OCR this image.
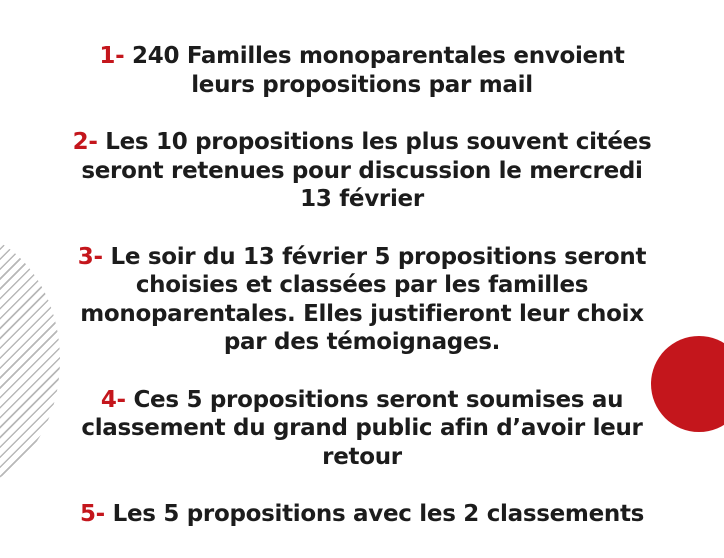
1- 240 Familles monoparentales envoient leurs propositions par mail

2- Les 10 propositions les plus souvent citées seront retenues pour discussion le mercredi 13 février

3- Le soir du 13 février 5 propositions seront choisies et classées par les familles monoparentales. Elles justifieront leur choix par des témoignages.

4- Ces 5 propositions seront soumises au classement du grand public afin d’avoir leur retour

5- Les 5 propositions avec les 2 classements
